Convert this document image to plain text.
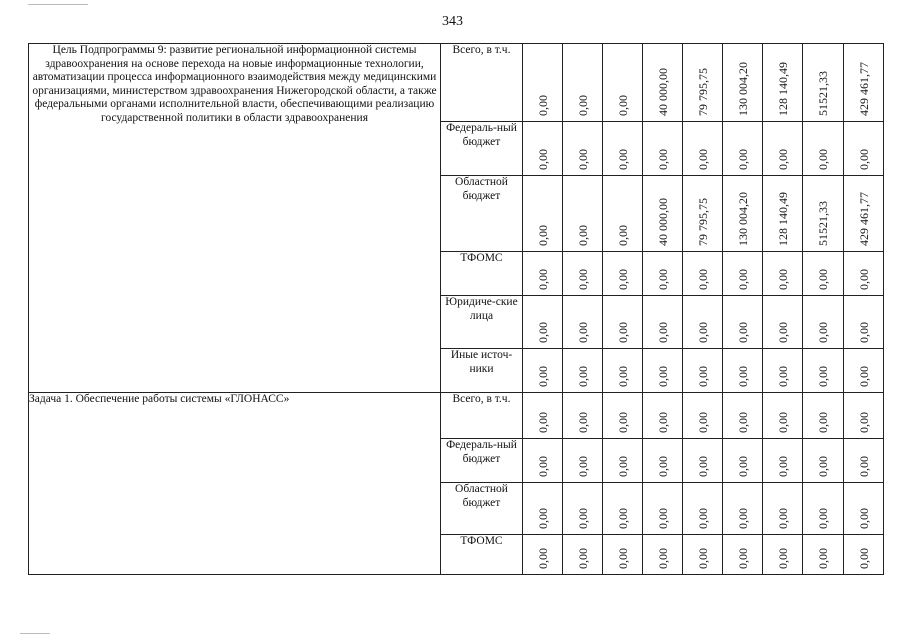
343
Цель Подпрограммы 9: развитие региональной информационной системы здравоохранения на основе перехода на новые информационные технологии, автоматизации процесса информационного взаимодействия между медицинскими организациями, министерством здравоохранения Нижегородской области, а также федеральными органами исполнительной власти, обеспечивающими реализацию государственной политики в области здравоохранения	Всего, в т.ч.	0,00	0,00	0,00	40 000,00	79 795,75	130 004,20	128 140,49	51521,33	429 461,77

	Федераль-ный бюджет	0,00	0,00	0,00	0,00	0,00	0,00	0,00	0,00	0,00

	Областной бюджет	0,00	0,00	0,00	40 000,00	79 795,75	130 004,20	128 140,49	51521,33	429 461,77

	ТФОМС	0,00	0,00	0,00	0,00	0,00	0,00	0,00	0,00	0,00

	Юридиче-ские лица	0,00	0,00	0,00	0,00	0,00	0,00	0,00	0,00	0,00

	Иные источ-ники	0,00	0,00	0,00	0,00	0,00	0,00	0,00	0,00	0,00

Задача 1. Обеспечение работы системы «ГЛОНАСС»	Всего, в т.ч.	0,00	0,00	0,00	0,00	0,00	0,00	0,00	0,00	0,00

	Федераль-ный бюджет	0,00	0,00	0,00	0,00	0,00	0,00	0,00	0,00	0,00

	Областной бюджет	0,00	0,00	0,00	0,00	0,00	0,00	0,00	0,00	0,00

	ТФОМС	0,00	0,00	0,00	0,00	0,00	0,00	0,00	0,00	0,00
